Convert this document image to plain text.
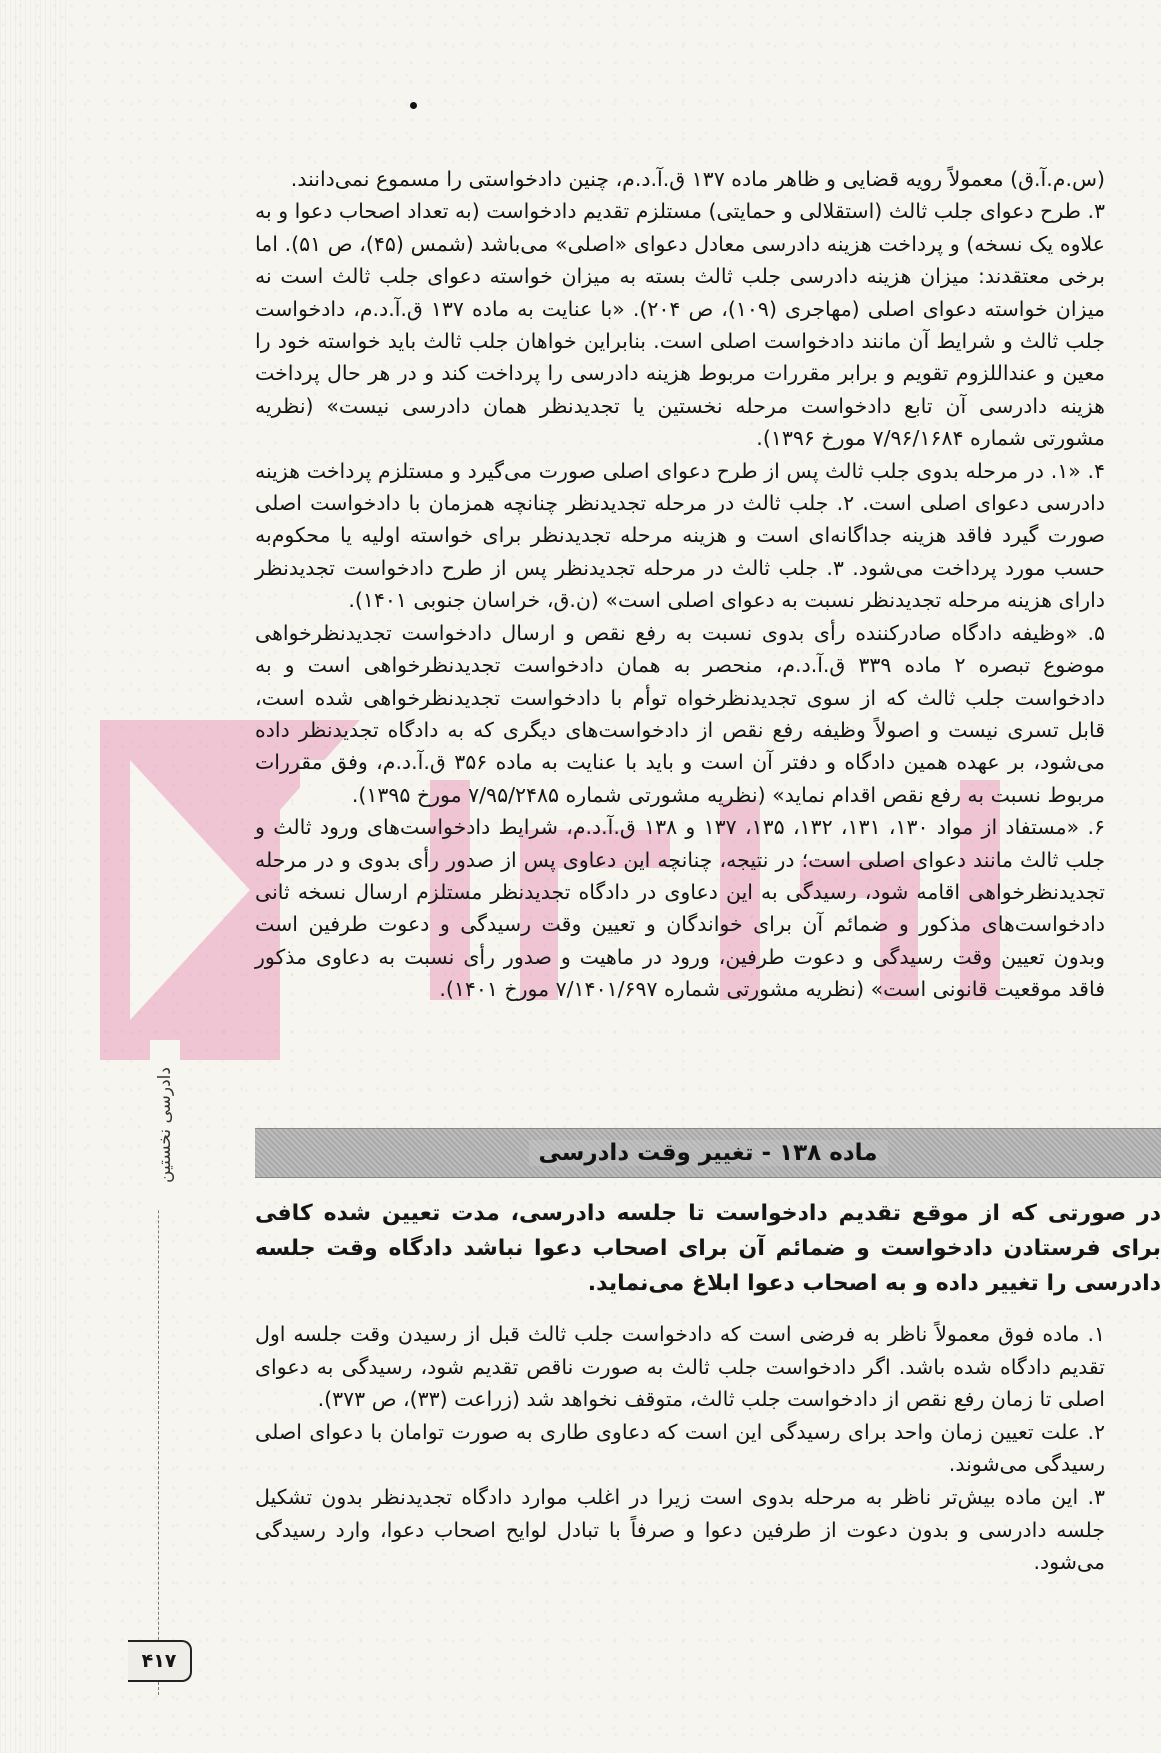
دادرسی نخستین
۴۱۷

(س.م.آ.ق) معمولاً رویه قضایی و ظاهر ماده ۱۳۷ ق.آ.د.م، چنین دادخواستی را مسموع نمی‌دانند.

۳. طرح دعوای جلب ثالث (استقلالی و حمایتی) مستلزم تقدیم دادخواست (به تعداد اصحاب دعوا و به علاوه یک نسخه) و پرداخت هزینه دادرسی معادل دعوای «اصلی» می‌باشد (شمس (۴۵)، ص ۵۱). اما برخی معتقدند: میزان هزینه دادرسی جلب ثالث بسته به میزان خواسته دعوای جلب ثالث است نه میزان خواسته دعوای اصلی (مهاجری (۱۰۹)، ص ۲۰۴). «با عنایت به ماده ۱۳۷ ق.آ.د.م، دادخواست جلب ثالث و شرایط آن مانند دادخواست اصلی است. بنابراین خواهان جلب ثالث باید خواسته خود را معین و عنداللزوم تقویم و برابر مقررات مربوط هزینه دادرسی را پرداخت کند و در هر حال پرداخت هزینه دادرسی آن تابع دادخواست مرحله نخستین یا تجدیدنظر همان دادرسی نیست» (نظریه مشورتی شماره ۷/۹۶/۱۶۸۴ مورخ ۱۳۹۶).

۴. «۱. در مرحله بدوی جلب ثالث پس از طرح دعوای اصلی صورت می‌گیرد و مستلزم پرداخت هزینه دادرسی دعوای اصلی است. ۲. جلب ثالث در مرحله تجدیدنظر چنانچه همزمان با دادخواست اصلی صورت گیرد فاقد هزینه جداگانه‌ای است و هزینه مرحله تجدیدنظر برای خواسته اولیه یا محکوم‌به حسب مورد پرداخت می‌شود. ۳. جلب ثالث در مرحله تجدیدنظر پس از طرح دادخواست تجدیدنظر دارای هزینه مرحله تجدیدنظر نسبت به دعوای اصلی است» (ن.ق، خراسان جنوبی ۱۴۰۱).

۵. «وظیفه دادگاه صادرکننده رأی بدوی نسبت به رفع نقص و ارسال دادخواست تجدیدنظرخواهی موضوع تبصره ۲ ماده ۳۳۹ ق.آ.د.م، منحصر به همان دادخواست تجدیدنظرخواهی است و به دادخواست جلب ثالث که از سوی تجدیدنظرخواه توأم با دادخواست تجدیدنظرخواهی شده است، قابل تسری نیست و اصولاً وظیفه رفع نقص از دادخواست‌های دیگری که به دادگاه تجدیدنظر داده می‌شود، بر عهده همین دادگاه و دفتر آن است و باید با عنایت به ماده ۳۵۶ ق.آ.د.م، وفق مقررات مربوط نسبت به رفع نقص اقدام نماید» (نظریه مشورتی شماره ۷/۹۵/۲۴۸۵ مورخ ۱۳۹۵).

۶. «مستفاد از مواد ۱۳۰، ۱۳۱، ۱۳۲، ۱۳۵، ۱۳۷ و ۱۳۸ ق.آ.د.م، شرایط دادخواست‌های ورود ثالث و جلب ثالث مانند دعوای اصلی است؛ در نتیجه، چنانچه این دعاوی پس از صدور رأی بدوی و در مرحله تجدیدنظرخواهی اقامه شود، رسیدگی به این دعاوی در دادگاه تجدیدنظر مستلزم ارسال نسخه ثانی دادخواست‌های مذکور و ضمائم آن برای خواندگان و تعیین وقت رسیدگی و دعوت طرفین است وبدون تعیین وقت رسیدگی و دعوت طرفین، ورود در ماهیت و صدور رأی نسبت به دعاوی مذکور فاقد موقعیت قانونی است» (نظریه مشورتی شماره ۷/۱۴۰۱/۶۹۷ مورخ ۱۴۰۱).

ماده ۱۳۸ - تغییر وقت دادرسی

در صورتی که از موقع تقدیم دادخواست تا جلسه دادرسی، مدت تعیین شده کافی برای فرستادن دادخواست و ضمائم آن برای اصحاب دعوا نباشد دادگاه وقت جلسه دادرسی را تغییر داده و به اصحاب دعوا ابلاغ می‌نماید.

۱. ماده فوق معمولاً ناظر به فرضی است که دادخواست جلب ثالث قبل از رسیدن وقت جلسه اول تقدیم دادگاه شده باشد. اگر دادخواست جلب ثالث به صورت ناقص تقدیم شود، رسیدگی به دعوای اصلی تا زمان رفع نقص از دادخواست جلب ثالث، متوقف نخواهد شد (زراعت (۳۳)، ص ۳۷۳).

۲. علت تعیین زمان واحد برای رسیدگی این است که دعاوی طاری به صورت توامان با دعوای اصلی رسیدگی می‌شوند.

۳. این ماده بیش‌تر ناظر به مرحله بدوی است زیرا در اغلب موارد دادگاه تجدیدنظر بدون تشکیل جلسه دادرسی و بدون دعوت از طرفین دعوا و صرفاً با تبادل لوایح اصحاب دعوا، وارد رسیدگی می‌شود.
